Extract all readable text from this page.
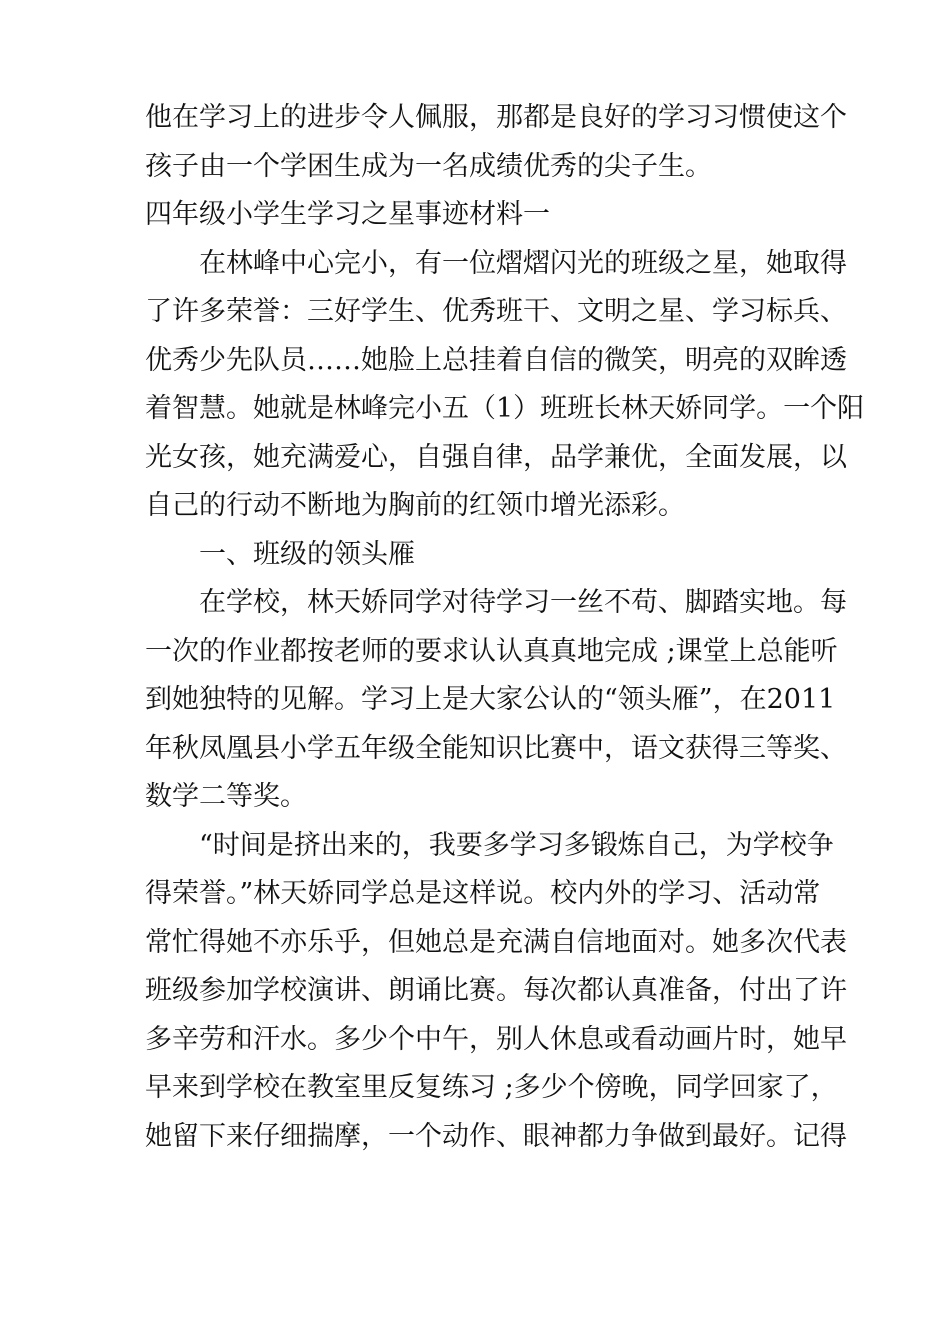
他在学习上的进步令人佩服，那都是良好的学习习惯使这个
孩子由一个学困生成为一名成绩优秀的尖子生。
四年级小学生学习之星事迹材料一
在林峰中心完小，有一位熠熠闪光的班级之星，她取得
了许多荣誉：三好学生、优秀班干、文明之星、学习标兵、
优秀少先队员……她脸上总挂着自信的微笑，明亮的双眸透
着智慧。她就是林峰完小五（1）班班长林天娇同学。一个阳
光女孩，她充满爱心，自强自律，品学兼优，全面发展，以
自己的行动不断地为胸前的红领巾增光添彩。
一、班级的领头雁
在学校，林天娇同学对待学习一丝不苟、脚踏实地。每
一次的作业都按老师的要求认认真真地完成 ;课堂上总能听
到她独特的见解。学习上是大家公认的“领头雁”，在2011
年秋凤凰县小学五年级全能知识比赛中，语文获得三等奖、
数学二等奖。
“时间是挤出来的，我要多学习多锻炼自己，为学校争
得荣誉。”林天娇同学总是这样说。校内外的学习、活动常
常忙得她不亦乐乎，但她总是充满自信地面对。她多次代表
班级参加学校演讲、朗诵比赛。每次都认真准备，付出了许
多辛劳和汗水。多少个中午，别人休息或看动画片时，她早
早来到学校在教室里反复练习 ;多少个傍晚，同学回家了，
她留下来仔细揣摩，一个动作、眼神都力争做到最好。记得
